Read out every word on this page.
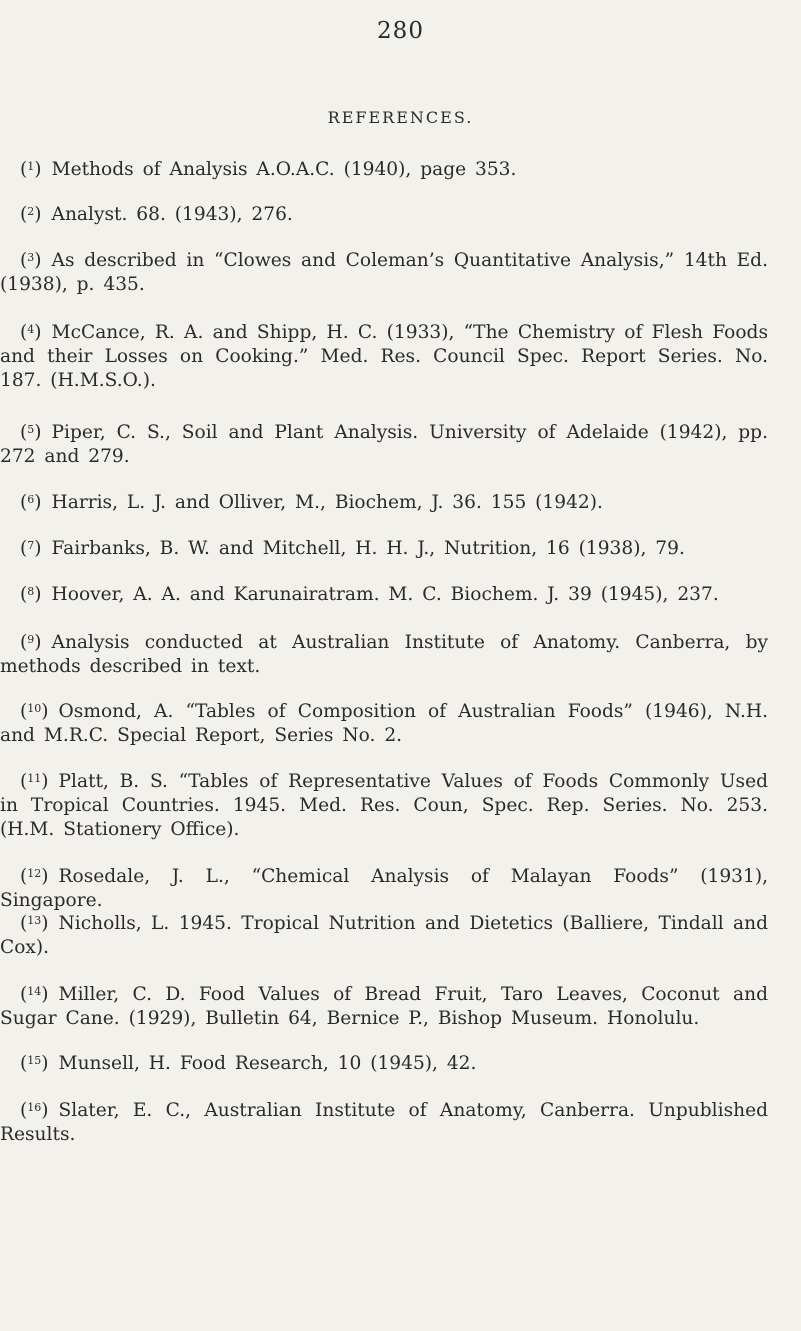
280
REFERENCES.
($^1$) Methods of Analysis A.O.A.C. (1940), page 353.
($^2$) Analyst. 68. (1943), 276.
($^3$) As described in “Clowes and Coleman’s Quantitative Analysis,” 14th Ed. (1938), p. 435.
($^4$) McCance, R. A. and Shipp, H. C. (1933), “The Chemistry of Flesh Foods and their Losses on Cooking.” Med. Res. Council Spec. Report Series. No. 187. (H.M.S.O.).
($^5$) Piper, C. S., Soil and Plant Analysis. University of Adelaide (1942), pp. 272 and 279.
($^6$) Harris, L. J. and Olliver, M., Biochem, J. 36. 155 (1942).
($^7$) Fairbanks, B. W. and Mitchell, H. H. J., Nutrition, 16 (1938), 79.
($^8$) Hoover, A. A. and Karunairatram. M. C. Biochem. J. 39 (1945), 237.
($^9$) Analysis conducted at Australian Institute of Anatomy. Canberra, by methods described in text.
($^{10}$) Osmond, A. “Tables of Composition of Australian Foods” (1946), N.H. and M.R.C. Special Report, Series No. 2.
($^{11}$) Platt, B. S. “Tables of Representative Values of Foods Commonly Used in Tropical Countries. 1945. Med. Res. Coun, Spec. Rep. Series. No. 253. (H.M. Stationery Office).
($^{12}$) Rosedale, J. L., “Chemical Analysis of Malayan Foods” (1931), Singapore.
($^{13}$) Nicholls, L. 1945. Tropical Nutrition and Dietetics (Balliere, Tindall and Cox).
($^{14}$) Miller, C. D. Food Values of Bread Fruit, Taro Leaves, Coconut and Sugar Cane. (1929), Bulletin 64, Bernice P., Bishop Museum. Honolulu.
($^{15}$) Munsell, H. Food Research, 10 (1945), 42.
($^{16}$) Slater, E. C., Australian Institute of Anatomy, Canberra. Unpublished Results.
